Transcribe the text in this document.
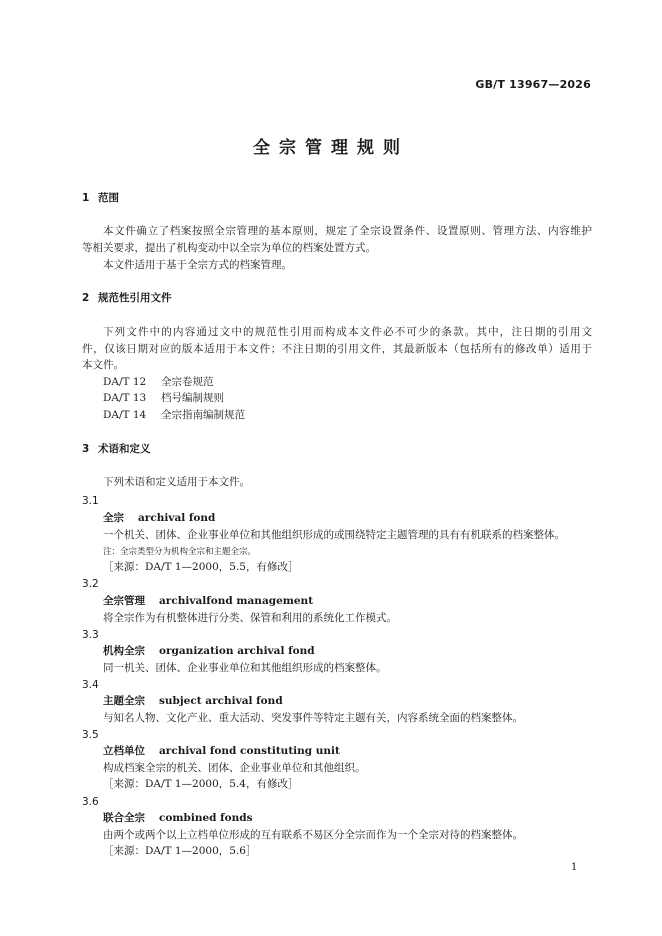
GB/T 13967—2026
全宗管理规则
1 范围
本文件确立了档案按照全宗管理的基本原则，规定了全宗设置条件、设置原则、管理方法、内容维护
等相关要求，提出了机构变动中以全宗为单位的档案处置方式。
本文件适用于基于全宗方式的档案管理。
2 规范性引用文件
下列文件中的内容通过文中的规范性引用而构成本文件必不可少的条款。其中，注日期的引用文
件，仅该日期对应的版本适用于本文件；不注日期的引用文件，其最新版本（包括所有的修改单）适用于
本文件。
DA/T 12 全宗卷规范
DA/T 13 档号编制规则
DA/T 14 全宗指南编制规范
3 术语和定义
下列术语和定义适用于本文件。
3.1
全宗 archival fond
一个机关、团体、企业事业单位和其他组织形成的或围绕特定主题管理的具有有机联系的档案整体。
注：全宗类型分为机构全宗和主题全宗。
［来源：DA/T 1—2000，5.5，有修改］
3.2
全宗管理 archivalfond management
将全宗作为有机整体进行分类、保管和利用的系统化工作模式。
3.3
机构全宗 organization archival fond
同一机关、团体、企业事业单位和其他组织形成的档案整体。
3.4
主题全宗 subject archival fond
与知名人物、文化产业、重大活动、突发事件等特定主题有关，内容系统全面的档案整体。
3.5
立档单位 archival fond constituting unit
构成档案全宗的机关、团体、企业事业单位和其他组织。
［来源：DA/T 1—2000，5.4，有修改］
3.6
联合全宗 combined fonds
由两个或两个以上立档单位形成的互有联系不易区分全宗而作为一个全宗对待的档案整体。
［来源：DA/T 1—2000，5.6］
1
